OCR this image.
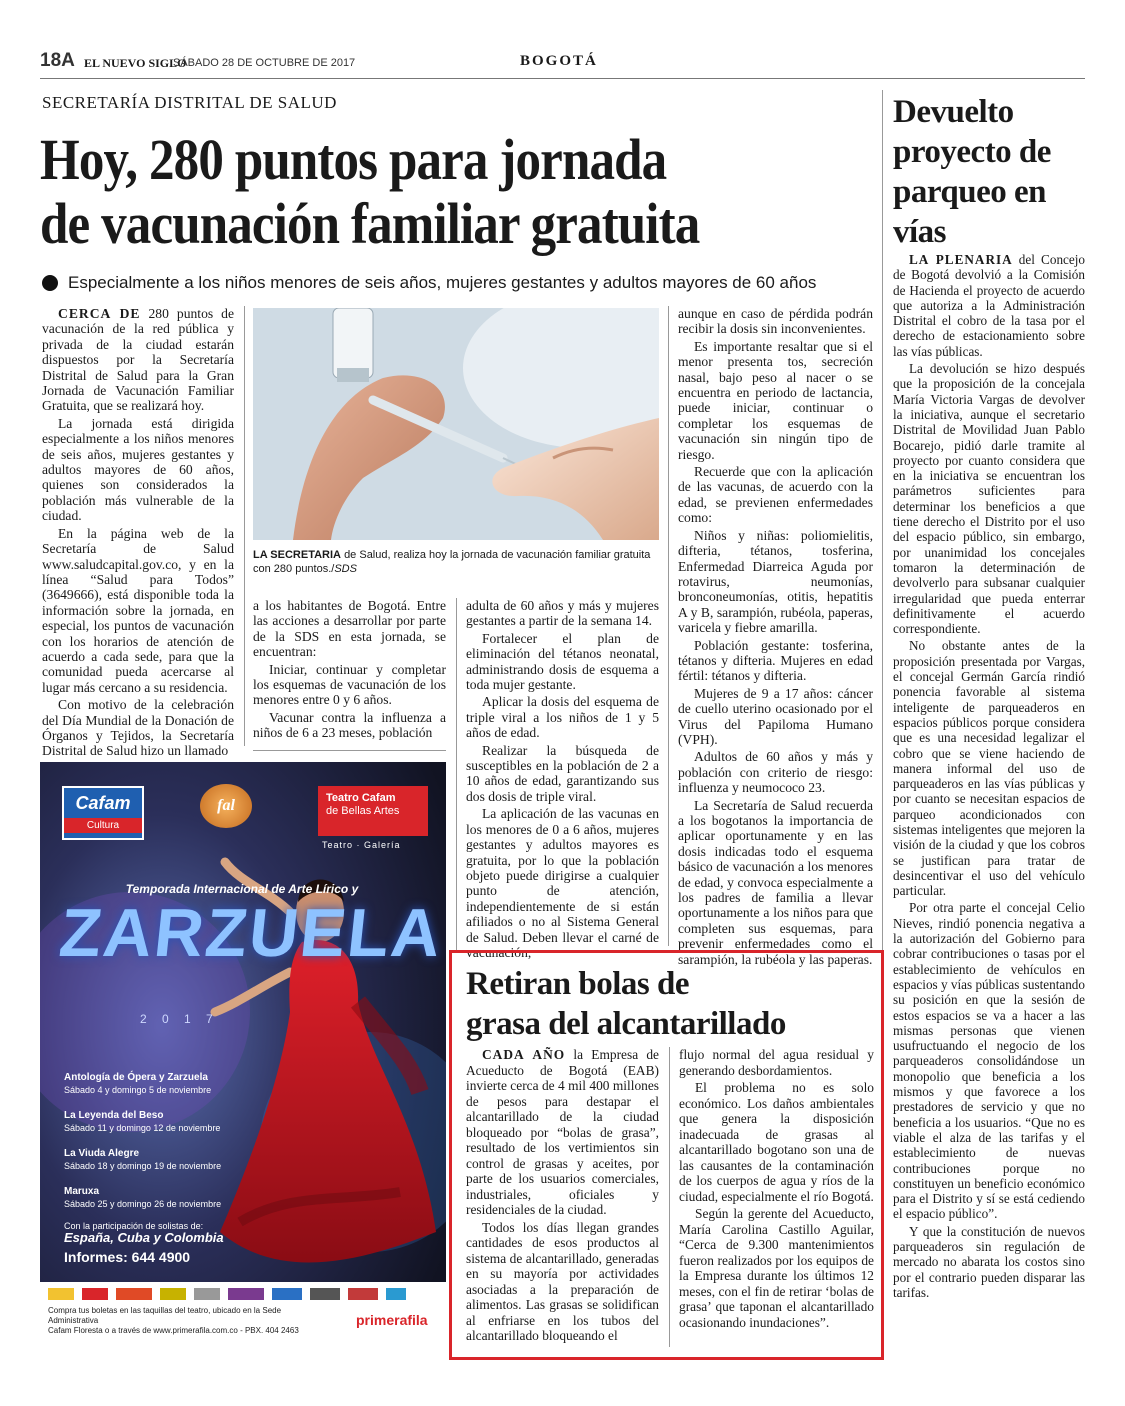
18A EL NUEVO SIGLO
SÁBADO 28 DE OCTUBRE DE 2017	BOGOTÁ
SECRETARÍA DISTRITAL DE SALUD
Hoy, 280 puntos para jornada
de vacunación familiar gratuita
Especialmente a los niños menores de seis años, mujeres gestantes y adultos mayores de 60 años

CERCA DE 280 puntos de vacunación de la red pública y privada de la ciudad estarán dispuestos por la Secretaría Distrital de Salud para la Gran Jornada de Vacunación Familiar Gratuita, que se realizará hoy.

La jornada está dirigida especialmente a los niños menores de seis años, mujeres gestantes y adultos mayores de 60 años, quienes son considerados la población más vulnerable de la ciudad.

En la página web de la Secretaría de Salud www.saludcapital.gov.co, y en la línea “Salud para Todos” (3649666), está disponible toda la información sobre la jornada, en especial, los puntos de vacunación con los horarios de atención de acuerdo a cada sede, para que la comunidad pueda acercarse al lugar más cercano a su residencia.

Con motivo de la celebración del Día Mundial de la Donación de Órganos y Tejidos, la Secretaría Distrital de Salud hizo un llamado

LA SECRETARIA de Salud, realiza hoy la jornada de vacunación familiar gratuita con 280 puntos./SDS

a los habitantes de Bogotá. Entre las acciones a desarrollar por parte de la SDS en esta jornada, se encuentran:

Iniciar, continuar y completar los esquemas de vacunación de los menores entre 0 y 6 años.

Vacunar contra la influenza a niños de 6 a 23 meses, población

adulta de 60 años y más y mujeres gestantes a partir de la semana 14.

Fortalecer el plan de eliminación del tétanos neonatal, administrando dosis de esquema a toda mujer gestante.

Aplicar la dosis del esquema de triple viral a los niños de 1 y 5 años de edad.

Realizar la búsqueda de susceptibles en la población de 2 a 10 años de edad, garantizando sus dos dosis de triple viral.

La aplicación de las vacunas en los menores de 0 a 6 años, mujeres gestantes y adultos mayores es gratuita, por lo que la población objeto puede dirigirse a cualquier punto de atención, independientemente de si están afiliados o no al Sistema General de Salud. Deben llevar el carné de vacunación,

aunque en caso de pérdida podrán recibir la dosis sin inconvenientes.

Es importante resaltar que si el menor presenta tos, secreción nasal, bajo peso al nacer o se encuentra en periodo de lactancia, puede iniciar, continuar o completar los esquemas de vacunación sin ningún tipo de riesgo.

Recuerde que con la aplicación de las vacunas, de acuerdo con la edad, se previenen enfermedades como:

Niños y niñas: poliomielitis, difteria, tétanos, tosferina, Enfermedad Diarreica Aguda por rotavirus, neumonías, bronconeumonías, otitis, hepatitis A y B, sarampión, rubéola, paperas, varicela y fiebre amarilla.

Población gestante: tosferina, tétanos y difteria. Mujeres en edad fértil: tétanos y difteria.

Mujeres de 9 a 17 años: cáncer de cuello uterino ocasionado por el Virus del Papiloma Humano (VPH).

Adultos de 60 años y más y población con criterio de riesgo: influenza y neumococo 23.

La Secretaría de Salud recuerda a los bogotanos la importancia de aplicar oportunamente y en las dosis indicadas todo el esquema básico de vacunación a los menores de edad, y convoca especialmente a los padres de familia a llevar oportunamente a los niños para que completen sus esquemas, para prevenir enfermedades como el sarampión, la rubéola y las paperas.

Devuelto proyecto de parqueo en vías

LA PLENARIA del Concejo de Bogotá devolvió a la Comisión de Hacienda el proyecto de acuerdo que autoriza a la Administración Distrital el cobro de la tasa por el derecho de estacionamiento sobre las vías públicas.

La devolución se hizo después que la proposición de la concejala María Victoria Vargas de devolver la iniciativa, aunque el secretario Distrital de Movilidad Juan Pablo Bocarejo, pidió darle tramite al proyecto por cuanto considera que en la iniciativa se encuentran los parámetros suficientes para determinar los beneficios a que tiene derecho el Distrito por el uso del espacio público, sin embargo, por unanimidad los concejales tomaron la determinación de devolverlo para subsanar cualquier irregularidad que pueda enterrar definitivamente el acuerdo correspondiente.

No obstante antes de la proposición presentada por Vargas, el concejal Germán García rindió ponencia favorable al sistema inteligente de parqueaderos en espacios públicos porque considera que es una necesidad legalizar el cobro que se viene haciendo de manera informal del uso de parqueaderos en las vías públicas y por cuanto se necesitan espacios de parqueo acondicionados con sistemas inteligentes que mejoren la visión de la ciudad y que los cobros se justifican para tratar de desincentivar el uso del vehículo particular.

Por otra parte el concejal Celio Nieves, rindió ponencia negativa a la autorización del Gobierno para cobrar contribuciones o tasas por el establecimiento de vehículos en espacios y vías públicas sustentando su posición en que la sesión de estos espacios se va a hacer a las mismas personas que vienen usufructuando el negocio de los parqueaderos consolidándose un monopolio que beneficia a los mismos y que favorece a los prestadores de servicio y que no beneficia a los usuarios. “Que no es viable el alza de las tarifas y el establecimiento de nuevas contribuciones porque no constituyen un beneficio económico para el Distrito y sí se está cediendo el espacio público”.

Y que la constitución de nuevos parqueaderos sin regulación de mercado no abarata los costos sino por el contrario pueden disparar las tarifas.

Retiran bolas de
grasa del alcantarillado

CADA AÑO la Empresa de Acueducto de Bogotá (EAB) invierte cerca de 4 mil 400 millones de pesos para destapar el alcantarillado de la ciudad bloqueado por “bolas de grasa”, resultado de los vertimientos sin control de grasas y aceites, por parte de los usuarios comerciales, industriales, oficiales y residenciales de la ciudad.

Todos los días llegan grandes cantidades de esos productos al sistema de alcantarillado, generadas en su mayoría por actividades asociadas a la preparación de alimentos. Las grasas se solidifican al enfriarse en los tubos del alcantarillado bloqueando el

flujo normal del agua residual y generando desbordamientos.

El problema no es solo económico. Los daños ambientales que genera la disposición inadecuada de grasas al alcantarillado bogotano son una de las causantes de la contaminación de los cuerpos de agua y ríos de la ciudad, especialmente el río Bogotá.

Según la gerente del Acueducto, María Carolina Castillo Aguilar, “Cerca de 9.300 mantenimientos fueron realizados por los equipos de la Empresa durante los últimos 12 meses, con el fin de retirar ‘bolas de grasa’ que taponan el alcantarillado ocasionando inundaciones”.

Cafam
Cultura
fal	Teatro Cafam
de Bellas Artes
Teatro · Galería
Temporada Internacional de Arte Lírico y
ZARZUELA
2 0 1 7
Antología de Ópera y Zarzuela
Sábado 4 y domingo 5 de noviembre
La Leyenda del Beso
Sábado 11 y domingo 12 de noviembre
La Viuda Alegre
Sábado 18 y domingo 19 de noviembre
Maruxa
Sábado 25 y domingo 26 de noviembre
Con la participación de solistas de:
España, Cuba y Colombia
Informes: 644 4900
Compra tus boletas en las taquillas del teatro, ubicado en la Sede Administrativa
Cafam Floresta o a través de www.primerafila.com.co - PBX. 404 2463
primerafila
